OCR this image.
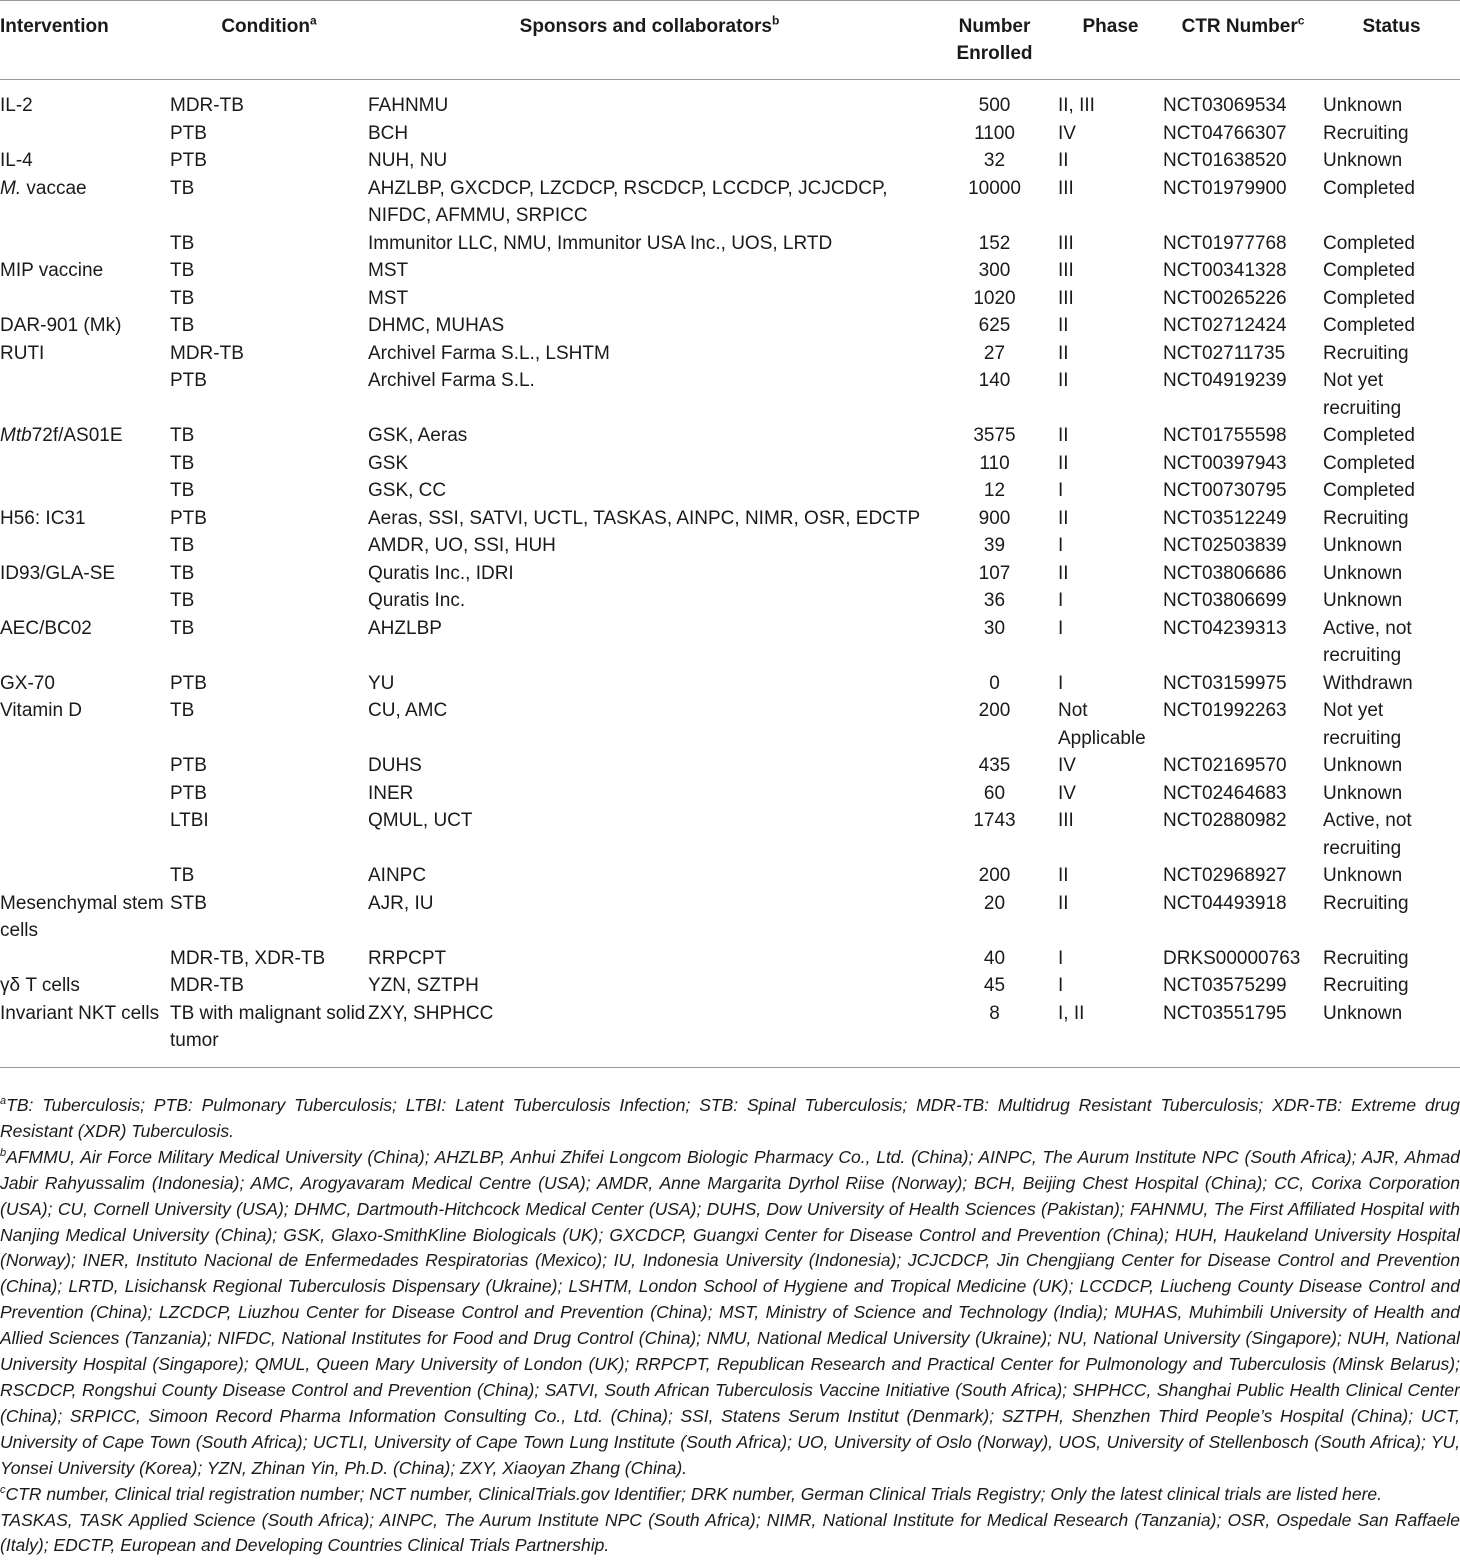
Intervention	Condition$^a$	Sponsors and collaborators$^b$	Number Enrolled	Phase	CTR Number$^c$	Status
IL-2	MDR-TB	FAHNMU	500	II, III	NCT03069534	Unknown
	PTB	BCH	1100	IV	NCT04766307	Recruiting
IL-4	PTB	NUH, NU	32	II	NCT01638520	Unknown
M. vaccae	TB	AHZLBP, GXCDCP, LZCDCP, RSCDCP, LCCDCP, JCJCDCP, NIFDC, AFMMU, SRPICC	10000	III	NCT01979900	Completed
	TB	Immunitor LLC, NMU, Immunitor USA Inc., UOS, LRTD	152	III	NCT01977768	Completed
MIP vaccine	TB	MST	300	III	NCT00341328	Completed
	TB	MST	1020	III	NCT00265226	Completed
DAR-901 (Mk)	TB	DHMC, MUHAS	625	II	NCT02712424	Completed
RUTI	MDR-TB	Archivel Farma S.L., LSHTM	27	II	NCT02711735	Recruiting
	PTB	Archivel Farma S.L.	140	II	NCT04919239	Not yet recruiting
Mtb72f/AS01E	TB	GSK, Aeras	3575	II	NCT01755598	Completed
	TB	GSK	110	II	NCT00397943	Completed
	TB	GSK, CC	12	I	NCT00730795	Completed
H56: IC31	PTB	Aeras, SSI, SATVI, UCTL, TASKAS, AINPC, NIMR, OSR, EDCTP	900	II	NCT03512249	Recruiting
	TB	AMDR, UO, SSI, HUH	39	I	NCT02503839	Unknown
ID93/GLA-SE	TB	Quratis Inc., IDRI	107	II	NCT03806686	Unknown
	TB	Quratis Inc.	36	I	NCT03806699	Unknown
AEC/BC02	TB	AHZLBP	30	I	NCT04239313	Active, not recruiting
GX-70	PTB	YU	0	I	NCT03159975	Withdrawn
Vitamin D	TB	CU, AMC	200	Not Applicable	NCT01992263	Not yet recruiting
	PTB	DUHS	435	IV	NCT02169570	Unknown
	PTB	INER	60	IV	NCT02464683	Unknown
	LTBI	QMUL, UCT	1743	III	NCT02880982	Active, not recruiting
	TB	AINPC	200	II	NCT02968927	Unknown
Mesenchymal stem cells	STB	AJR, IU	20	II	NCT04493918	Recruiting
	MDR-TB, XDR-TB	RRPCPT	40	I	DRKS00000763	Recruiting
γδ T cells	MDR-TB	YZN, SZTPH	45	I	NCT03575299	Recruiting
Invariant NKT cells	TB with malignant solid tumor	ZXY, SHPHCC	8	I, II	NCT03551795	Unknown

$^a$TB: Tuberculosis; PTB: Pulmonary Tuberculosis; LTBI: Latent Tuberculosis Infection; STB: Spinal Tuberculosis; MDR-TB: Multidrug Resistant Tuberculosis; XDR-TB: Extreme drug Resistant (XDR) Tuberculosis.

$^b$AFMMU, Air Force Military Medical University (China); AHZLBP, Anhui Zhifei Longcom Biologic Pharmacy Co., Ltd. (China); AINPC, The Aurum Institute NPC (South Africa); AJR, Ahmad Jabir Rahyussalim (Indonesia); AMC, Arogyavaram Medical Centre (USA); AMDR, Anne Margarita Dyrhol Riise (Norway); BCH, Beijing Chest Hospital (China); CC, Corixa Corporation (USA); CU, Cornell University (USA); DHMC, Dartmouth-Hitchcock Medical Center (USA); DUHS, Dow University of Health Sciences (Pakistan); FAHNMU, The First Affiliated Hospital with Nanjing Medical University (China); GSK, Glaxo-SmithKline Biologicals (UK); GXCDCP, Guangxi Center for Disease Control and Prevention (China); HUH, Haukeland University Hospital (Norway); INER, Instituto Nacional de Enfermedades Respiratorias (Mexico); IU, Indonesia University (Indonesia); JCJCDCP, Jin Chengjiang Center for Disease Control and Prevention (China); LRTD, Lisichansk Regional Tuberculosis Dispensary (Ukraine); LSHTM, London School of Hygiene and Tropical Medicine (UK); LCCDCP, Liucheng County Disease Control and Prevention (China); LZCDCP, Liuzhou Center for Disease Control and Prevention (China); MST, Ministry of Science and Technology (India); MUHAS, Muhimbili University of Health and Allied Sciences (Tanzania); NIFDC, National Institutes for Food and Drug Control (China); NMU, National Medical University (Ukraine); NU, National University (Singapore); NUH, National University Hospital (Singapore); QMUL, Queen Mary University of London (UK); RRPCPT, Republican Research and Practical Center for Pulmonology and Tuberculosis (Minsk Belarus); RSCDCP, Rongshui County Disease Control and Prevention (China); SATVI, South African Tuberculosis Vaccine Initiative (South Africa); SHPHCC, Shanghai Public Health Clinical Center (China); SRPICC, Simoon Record Pharma Information Consulting Co., Ltd. (China); SSI, Statens Serum Institut (Denmark); SZTPH, Shenzhen Third People’s Hospital (China); UCT, University of Cape Town (South Africa); UCTLI, University of Cape Town Lung Institute (South Africa); UO, University of Oslo (Norway), UOS, University of Stellenbosch (South Africa); YU, Yonsei University (Korea); YZN, Zhinan Yin, Ph.D. (China); ZXY, Xiaoyan Zhang (China).

$^c$CTR number, Clinical trial registration number; NCT number, ClinicalTrials.gov Identifier; DRK number, German Clinical Trials Registry; Only the latest clinical trials are listed here.

TASKAS, TASK Applied Science (South Africa); AINPC, The Aurum Institute NPC (South Africa); NIMR, National Institute for Medical Research (Tanzania); OSR, Ospedale San Raffaele (Italy); EDCTP, European and Developing Countries Clinical Trials Partnership.
